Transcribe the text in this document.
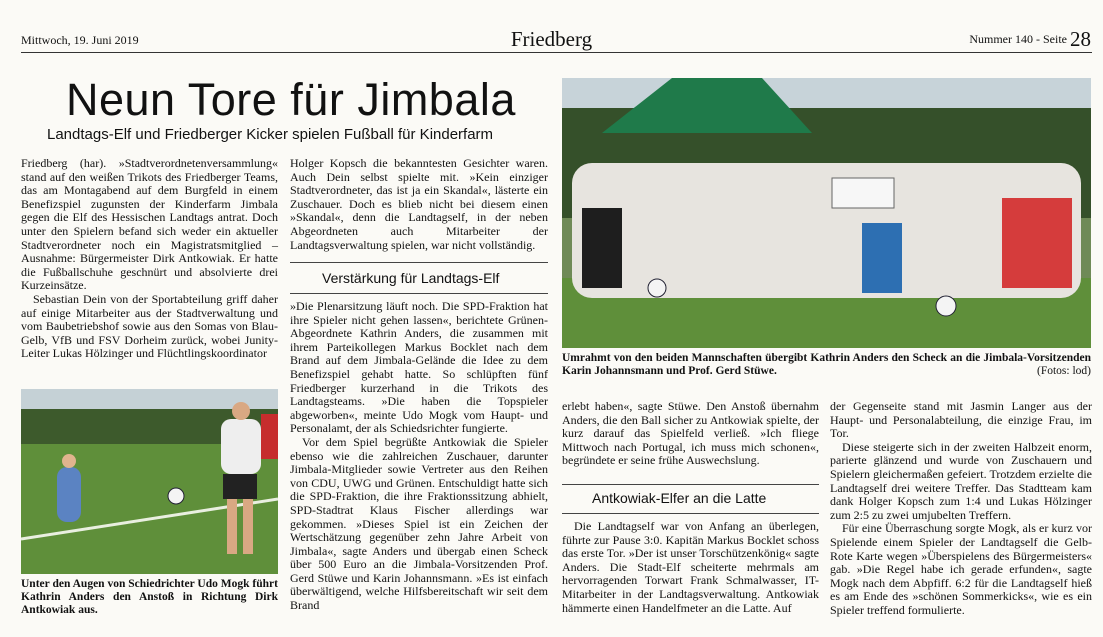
Mittwoch, 19. Juni 2019	Friedberg	Nummer 140 - Seite 28
Neun Tore für Jimbala
Landtags-Elf und Friedberger Kicker spielen Fußball für Kinderfarm

Friedberg (har). »Stadtverordnetenversammlung« stand auf den weißen Trikots des Friedberger Teams, das am Montagabend auf dem Burgfeld in einem Benefizspiel zugunsten der Kinderfarm Jimbala gegen die Elf des Hessischen Landtags antrat. Doch unter den Spielern befand sich weder ein aktueller Stadtverordneter noch ein Magistratsmitglied – Ausnahme: Bürgermeister Dirk Antkowiak. Er hatte die Fußballschuhe geschnürt und absolvierte drei Kurzeinsätze.

Sebastian Dein von der Sportabteilung griff daher auf einige Mitarbeiter aus der Stadtverwaltung und vom Baubetriebshof sowie aus den Somas von Blau-Gelb, VfB und FSV Dorheim zurück, wobei Junity-Leiter Lukas Hölzinger und Flüchtlingskoordinator

Unter den Augen von Schiedrichter Udo Mogk führt Kathrin Anders den Anstoß in Richtung Dirk Antkowiak aus.

Holger Kopsch die bekanntesten Gesichter waren. Auch Dein selbst spielte mit. »Kein einziger Stadtverordneter, das ist ja ein Skandal«, lästerte ein Zuschauer. Doch es blieb nicht bei diesem einen »Skandal«, denn die Landtagself, in der neben Abgeordneten auch Mitarbeiter der Landtagsverwaltung spielen, war nicht vollständig.

Verstärkung für Landtags-Elf

»Die Plenarsitzung läuft noch. Die SPD-Fraktion hat ihre Spieler nicht gehen lassen«, berichtete Grünen-Abgeordnete Kathrin Anders, die zusammen mit ihrem Parteikollegen Markus Bocklet nach dem Brand auf dem Jimbala-Gelände die Idee zu dem Benefizspiel gehabt hatte. So schlüpften fünf Friedberger kurzerhand in die Trikots des Landtagsteams. »Die haben die Topspieler abgeworben«, meinte Udo Mogk vom Haupt- und Personalamt, der als Schiedsrichter fungierte.

Vor dem Spiel begrüßte Antkowiak die Spieler ebenso wie die zahlreichen Zuschauer, darunter Jimbala-Mitglieder sowie Vertreter aus den Reihen von CDU, UWG und Grünen. Entschuldigt hatte sich die SPD-Fraktion, die ihre Fraktionssitzung abhielt, SPD-Stadtrat Klaus Fischer allerdings war gekommen. »Dieses Spiel ist ein Zeichen der Wertschätzung gegenüber zehn Jahre Arbeit von Jimbala«, sagte Anders und übergab einen Scheck über 500 Euro an die Jimbala-Vorsitzenden Prof. Gerd Stüwe und Karin Johannsmann. »Es ist einfach überwältigend, welche Hilfsbereitschaft wir seit dem Brand

Umrahmt von den beiden Mannschaften übergibt Kathrin Anders den Scheck an die Jimbala-Vorsitzenden Karin Johannsmann und Prof. Gerd Stüwe.	(Fotos: lod)

erlebt haben«, sagte Stüwe. Den Anstoß übernahm Anders, die den Ball sicher zu Antkowiak spielte, der kurz darauf das Spielfeld verließ. »Ich fliege Mittwoch nach Portugal, ich muss mich schonen«, begründete er seine frühe Auswechslung.

Antkowiak-Elfer an die Latte

Die Landtagself war von Anfang an überlegen, führte zur Pause 3:0. Kapitän Markus Bocklet schoss das erste Tor. »Der ist unser Torschützenkönig« sagte Anders. Die Stadt-Elf scheiterte mehrmals am hervorragenden Torwart Frank Schmalwasser, IT-Mitarbeiter in der Landtagsverwaltung. Antkowiak hämmerte einen Handelfmeter an die Latte. Auf

der Gegenseite stand mit Jasmin Langer aus der Haupt- und Personalabteilung, die einzige Frau, im Tor.

Diese steigerte sich in der zweiten Halbzeit enorm, parierte glänzend und wurde von Zuschauern und Spielern gleichermaßen gefeiert. Trotzdem erzielte die Landtagself drei weitere Treffer. Das Stadtteam kam dank Holger Kopsch zum 1:4 und Lukas Hölzinger zum 2:5 zu zwei umjubelten Treffern.

Für eine Überraschung sorgte Mogk, als er kurz vor Spielende einem Spieler der Landtagself die Gelb-Rote Karte wegen »Überspielens des Bürgermeisters« gab. »Die Regel habe ich gerade erfunden«, sagte Mogk nach dem Abpfiff. 6:2 für die Landtagself hieß es am Ende des »schönen Sommerkicks«, wie es ein Spieler treffend formulierte.
